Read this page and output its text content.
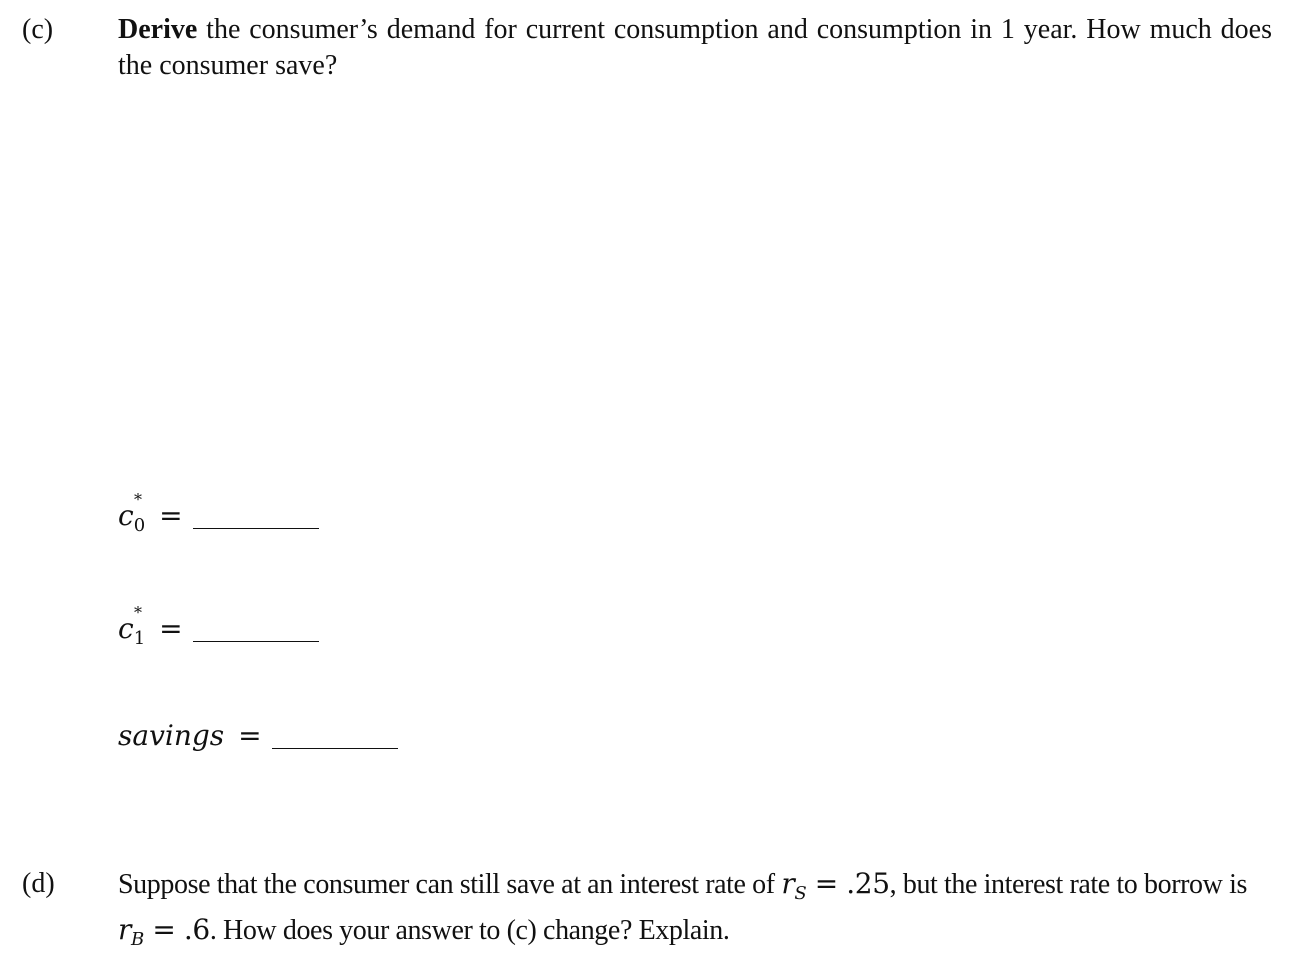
(c) Derive the consumer’s demand for current consumption and consumption in 1 year. How much does the consumer save?
$c_0$
* =
$c_1$
* =
savings =
(d) Suppose that the consumer can still save at an interest rate of $r_S = .25$, but the interest rate to borrow is $r_B = .6$. How does your answer to (c) change? Explain.
